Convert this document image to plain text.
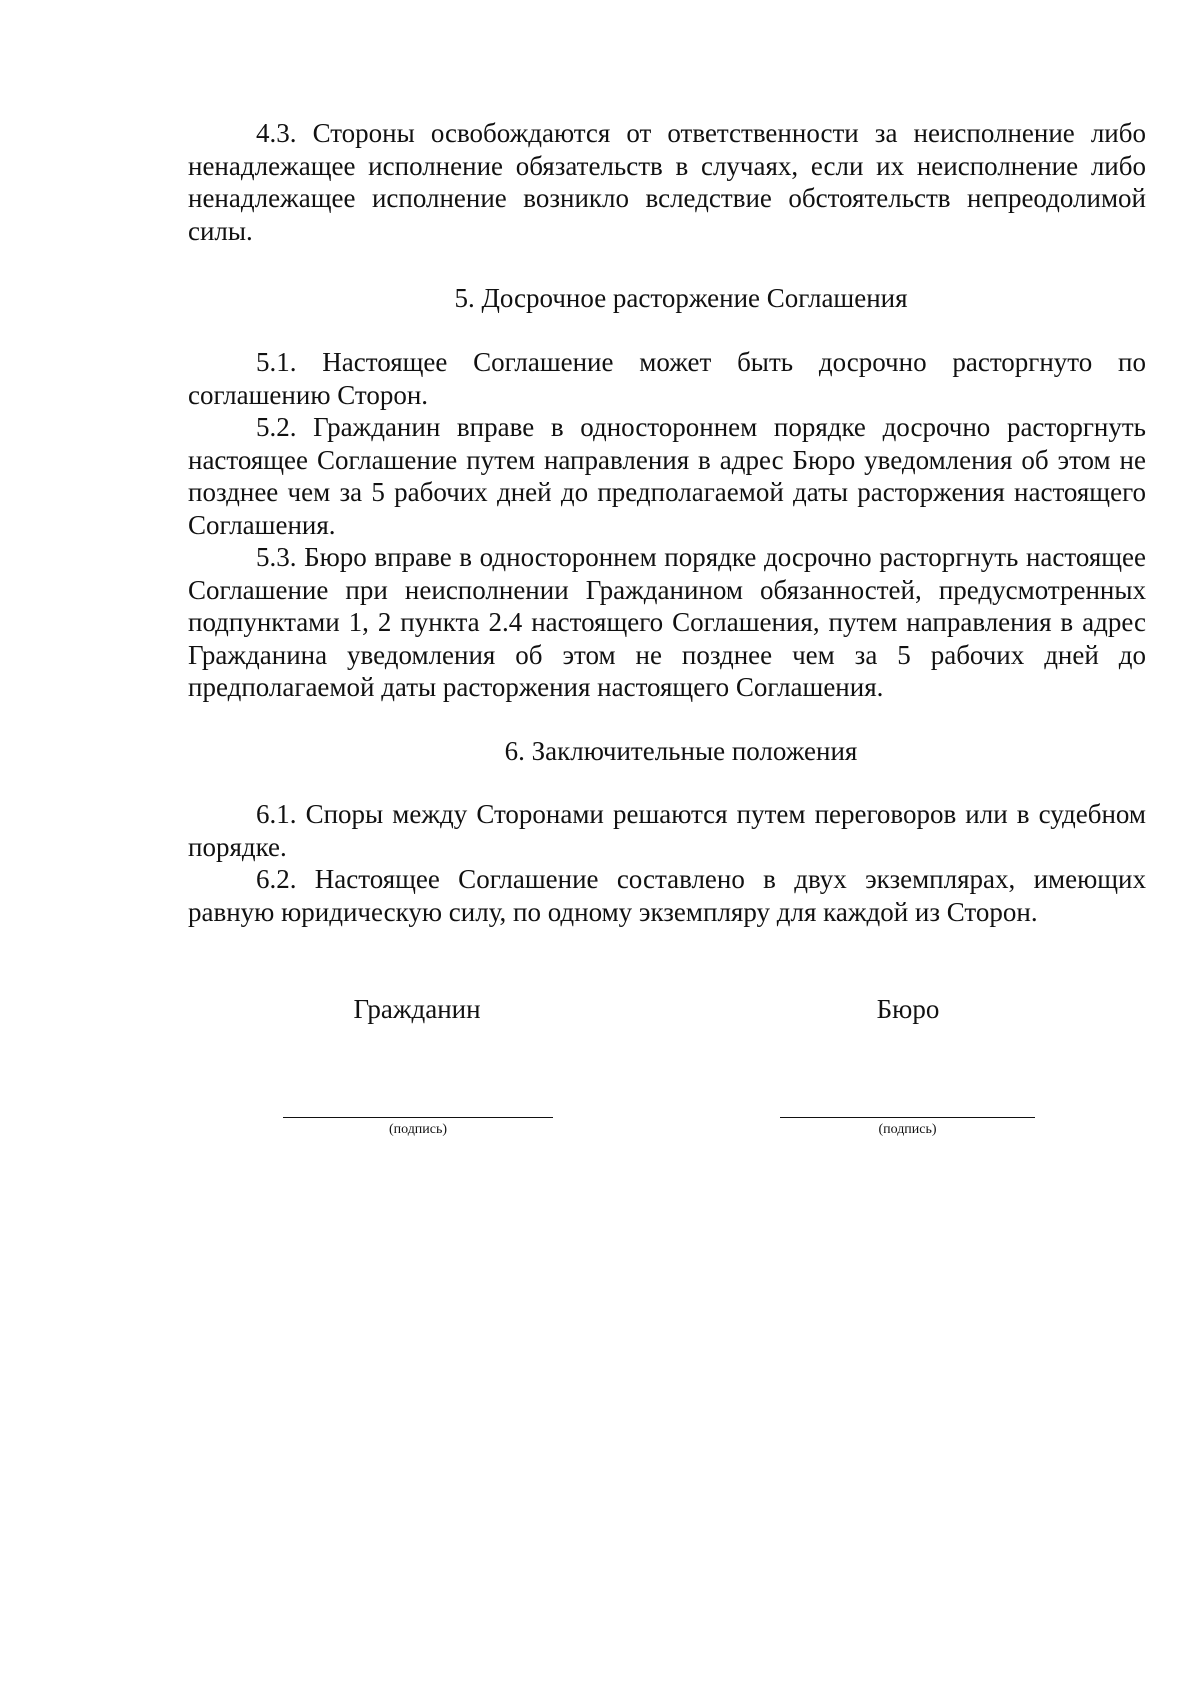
4.3. Стороны освобождаются от ответственности за неисполнение либо ненадлежащее исполнение обязательств в случаях, если их неисполнение либо ненадлежащее исполнение возникло вследствие обстоятельств непреодолимой силы.

5. Досрочное расторжение Соглашения

5.1. Настоящее Соглашение может быть досрочно расторгнуто по соглашению Сторон.

5.2. Гражданин вправе в одностороннем порядке досрочно расторгнуть настоящее Соглашение путем направления в адрес Бюро уведомления об этом не позднее чем за 5 рабочих дней до предполагаемой даты расторжения настоящего Соглашения.

5.3. Бюро вправе в одностороннем порядке досрочно расторгнуть настоящее Соглашение при неисполнении Гражданином обязанностей, предусмотренных подпунктами 1, 2 пункта 2.4 настоящего Соглашения, путем направления в адрес Гражданина уведомления об этом не позднее чем за 5 рабочих дней до предполагаемой даты расторжения настоящего Соглашения.

6. Заключительные положения

6.1. Споры между Сторонами решаются путем переговоров или в судебном порядке.

6.2. Настоящее Соглашение составлено в двух экземплярах, имеющих равную юридическую силу, по одному экземпляру для каждой из Сторон.

Гражданин	Бюро
(подпись)	(подпись)
